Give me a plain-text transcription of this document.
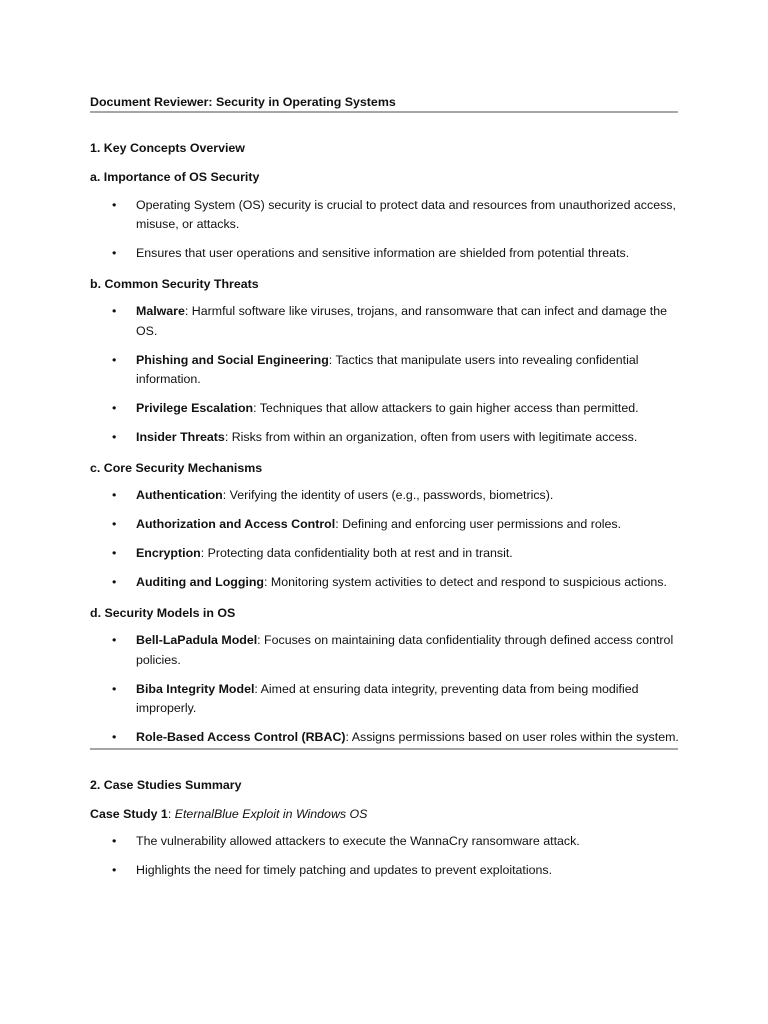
Document Reviewer: Security in Operating Systems

1. Key Concepts Overview

a. Importance of OS Security

• Operating System (OS) security is crucial to protect data and resources from unauthorized access, misuse, or attacks.
• Ensures that user operations and sensitive information are shielded from potential threats.

b. Common Security Threats

• Malware: Harmful software like viruses, trojans, and ransomware that can infect and damage the OS.
• Phishing and Social Engineering: Tactics that manipulate users into revealing confidential information.
• Privilege Escalation: Techniques that allow attackers to gain higher access than permitted.
• Insider Threats: Risks from within an organization, often from users with legitimate access.

c. Core Security Mechanisms

• Authentication: Verifying the identity of users (e.g., passwords, biometrics).
• Authorization and Access Control: Defining and enforcing user permissions and roles.
• Encryption: Protecting data confidentiality both at rest and in transit.
• Auditing and Logging: Monitoring system activities to detect and respond to suspicious actions.

d. Security Models in OS

• Bell-LaPadula Model: Focuses on maintaining data confidentiality through defined access control policies.
• Biba Integrity Model: Aimed at ensuring data integrity, preventing data from being modified improperly.
• Role-Based Access Control (RBAC): Assigns permissions based on user roles within the system.

2. Case Studies Summary

Case Study 1: EternalBlue Exploit in Windows OS

• The vulnerability allowed attackers to execute the WannaCry ransomware attack.
• Highlights the need for timely patching and updates to prevent exploitations.
